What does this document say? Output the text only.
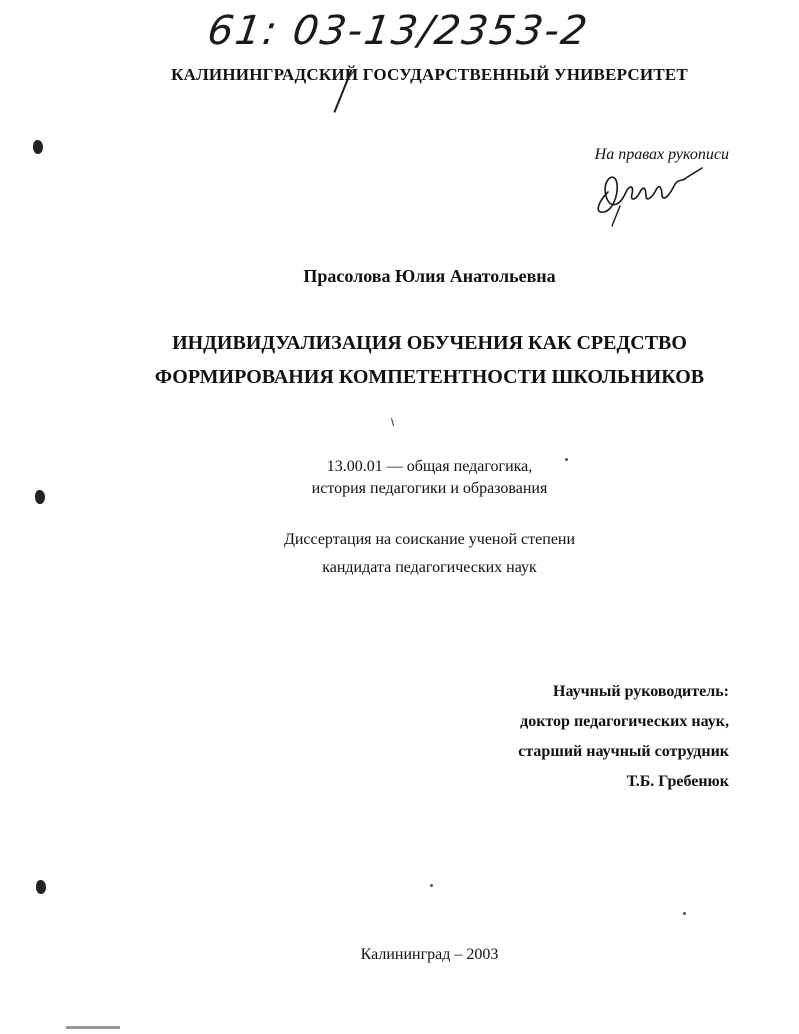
61: 03-13/2353-2
КАЛИНИНГРАДСКИЙ ГОСУДАРСТВЕННЫЙ УНИВЕРСИТЕТ
На правах рукописи
Прасолова Юлия Анатольевна
ИНДИВИДУАЛИЗАЦИЯ ОБУЧЕНИЯ КАК СРЕДСТВО
ФОРМИРОВАНИЯ КОМПЕТЕНТНОСТИ ШКОЛЬНИКОВ
13.00.01 — общая педагогика,
история педагогики и образования
Диссертация на соискание ученой степени
кандидата педагогических наук
Научный руководитель:
доктор педагогических наук,
старший научный сотрудник
Т.Б. Гребенюк
Калининград – 2003
